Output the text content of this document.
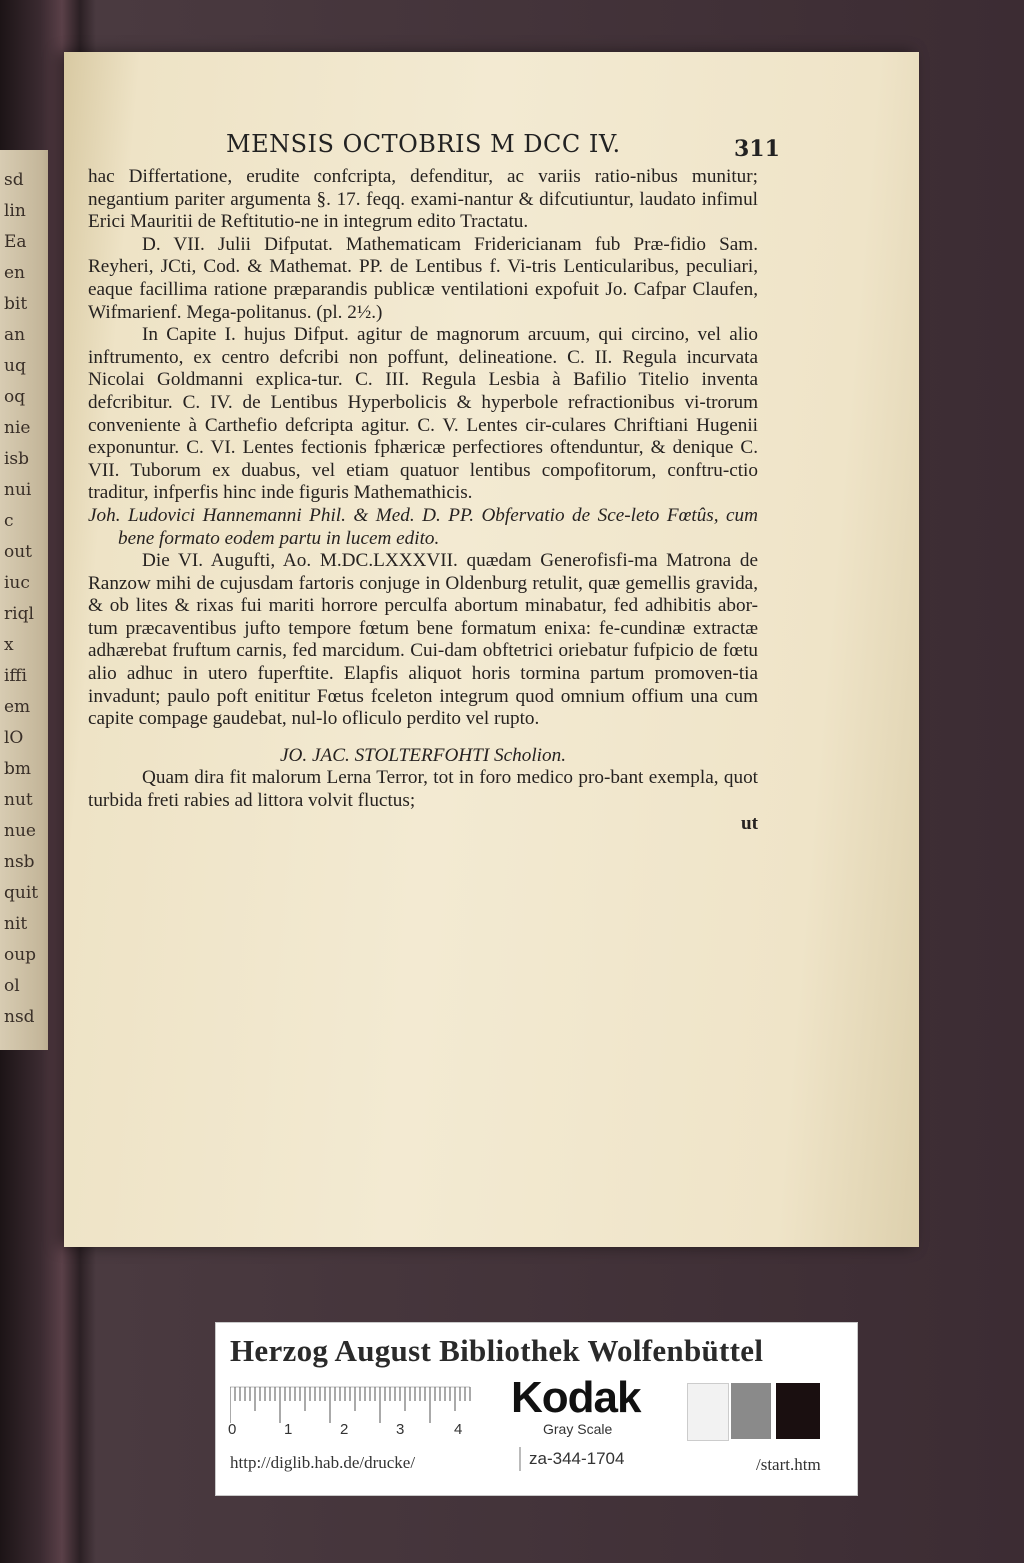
sd
lin
Ea
en
bit
an
uq
oq
nie
isb
nui
c
out
iuc
riql
x
iffi
em
lO
bm
nut
nue
nsb
quit
nit
oup
ol
nsd
MENSIS OCTOBRIS M DCC IV.	311

hac Differtatione, erudite confcripta, defenditur, ac variis ratio-nibus munitur; negantium pariter argumenta §. 17. feqq. exami-nantur & difcutiuntur, laudato infimul Erici Mauritii de Reftitutio-ne in integrum edito Tractatu.

D. VII. Julii Difputat. Mathematicam Fridericianam fub Præ-fidio Sam. Reyheri, JCti, Cod. & Mathemat. PP. de Lentibus f. Vi-tris Lenticularibus, peculiari, eaque facillima ratione præparandis publicæ ventilationi expofuit Jo. Cafpar Claufen, Wifmarienf. Mega-politanus. (pl. 2½.)

In Capite I. hujus Difput. agitur de magnorum arcuum, qui circino, vel alio inftrumento, ex centro defcribi non poffunt, delineatione. C. II. Regula incurvata Nicolai Goldmanni explica-tur. C. III. Regula Lesbia à Bafilio Titelio inventa defcribitur. C. IV. de Lentibus Hyperbolicis & hyperbole refractionibus vi-trorum conveniente à Carthefio defcripta agitur. C. V. Lentes cir-culares Chriftiani Hugenii exponuntur. C. VI. Lentes fectionis fphæricæ perfectiores oftenduntur, & denique C. VII. Tuborum ex duabus, vel etiam quatuor lentibus compofitorum, conftru-ctio traditur, infperfis hinc inde figuris Mathemathicis.

Joh. Ludovici Hannemanni Phil. & Med. D. PP. Obfervatio de Sce-leto Fœtûs, cum bene formato eodem partu in lucem edito.

Die VI. Augufti, Ao. M.DC.LXXXVII. quædam Generofisfi-ma Matrona de Ranzow mihi de cujusdam fartoris conjuge in Oldenburg retulit, quæ gemellis gravida, & ob lites & rixas fui mariti horrore perculfa abortum minabatur, fed adhibitis abor-tum præcaventibus jufto tempore fœtum bene formatum enixa: fe-cundinæ extractæ adhærebat fruftum carnis, fed marcidum. Cui-dam obftetrici oriebatur fufpicio de fœtu alio adhuc in utero fuperftite. Elapfis aliquot horis tormina partum promoven-tia invadunt; paulo poft enititur Fœtus fceleton integrum quod omnium offium una cum capite compage gaudebat, nul-lo ofliculo perdito vel rupto.

JO. JAC. STOLTERFOHTI Scholion.

Quam dira fit malorum Lerna Terror, tot in foro medico pro-bant exempla, quot turbida freti rabies ad littora volvit fluctus;

ut

Herzog August Bibliothek Wolfenbüttel
0	1	2	3	4
Kodak
Gray Scale
http://diglib.hab.de/drucke/	za-344-1704	/start.htm
